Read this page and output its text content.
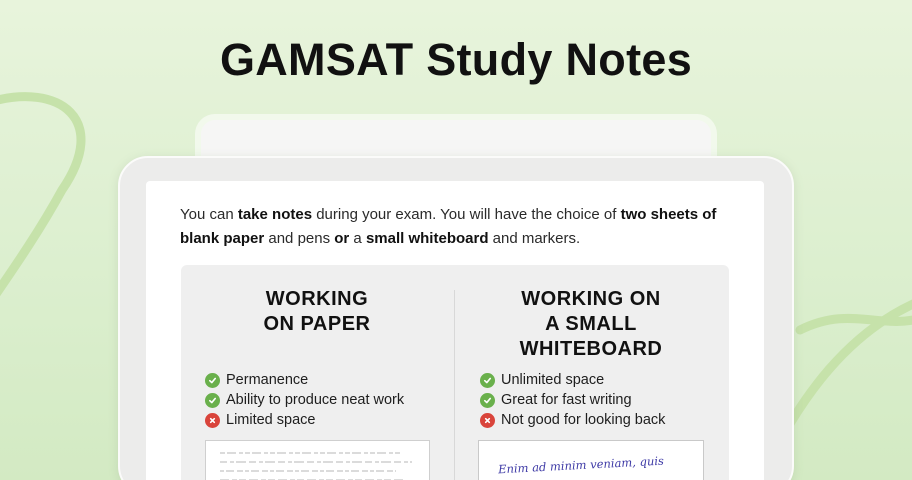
GAMSAT Study Notes

You can take notes during your exam. You will have the choice of two sheets of blank paper and pens or a small whiteboard and markers.

WORKING
ON PAPER
Permanence
Ability to produce neat work
Limited space
WORKING ON
A SMALL
WHITEBOARD
Unlimited space
Great for fast writing
Not good for looking back
Enim ad minim veniam, quis
